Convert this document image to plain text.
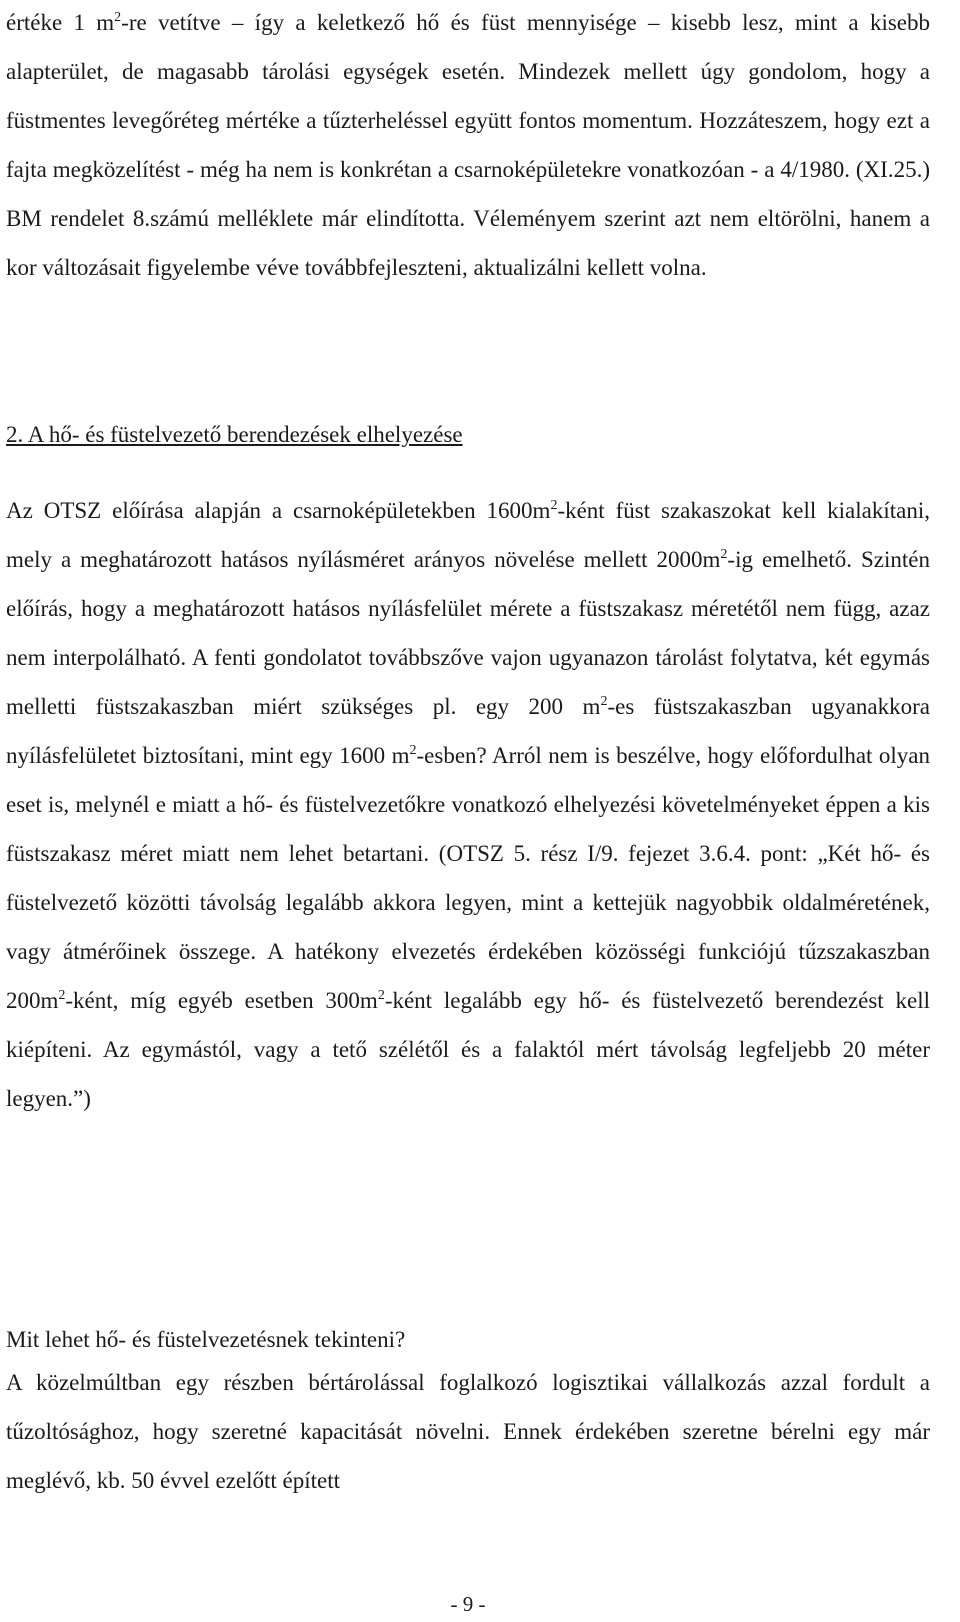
értéke 1 $m^2-re$ vetítve – így a keletkező hő és füst mennyisége – kisebb lesz, mint a kisebb alapterület, de magasabb tárolási egységek esetén. Mindezek mellett úgy gondolom, hogy a füstmentes levegőréteg mértéke a tűzterheléssel együtt fontos momentum. Hozzáteszem, hogy ezt a fajta megközelítést - még ha nem is konkrétan a csarnoképületekre vonatkozóan - a 4/1980. (XI.25.) BM rendelet 8.számú melléklete már elindította. Véleményem szerint azt nem eltörölni, hanem a kor változásait figyelembe véve továbbfejleszteni, aktualizálni kellett volna.

2. A hő- és füstelvezető berendezések elhelyezése

Az OTSZ előírása alapján a csarnoképületekben $1600m^2$-ként füst szakaszokat kell kialakítani, mely a meghatározott hatásos nyílásméret arányos növelése mellett $2000m^2-ig$ emelhető. Szintén előírás, hogy a meghatározott hatásos nyílásfelület mérete a füstszakasz méretétől nem függ, azaz nem interpolálható. A fenti gondolatot továbbszőve vajon ugyanazon tárolást folytatva, két egymás melletti füstszakaszban miért szükséges pl. egy 200 $m^2-es$ füstszakaszban ugyanakkora nyílásfelületet biztosítani, mint egy 1600 $m^2$-esben? Arról nem is beszélve, hogy előfordulhat olyan eset is, melynél e miatt a hő- és füstelvezetőkre vonatkozó elhelyezési követelményeket éppen a kis füstszakasz méret miatt nem lehet betartani. (OTSZ 5. rész I/9. fejezet 3.6.4. pont: „Két hő- és füstelvezető közötti távolság legalább akkora legyen, mint a kettejük nagyobbik oldalméretének, vagy átmérőinek összege. A hatékony elvezetés érdekében közösségi funkciójú tűzszakaszban $200m^2$-ként, míg egyéb esetben $300m^2$-ként legalább egy hő- és füstelvezető berendezést kell kiépíteni. Az egymástól, vagy a tető szélétől és a falaktól mért távolság legfeljebb 20 méter legyen.”)

Mit lehet hő- és füstelvezetésnek tekinteni?

A közelmúltban egy részben bértárolással foglalkozó logisztikai vállalkozás azzal fordult a tűzoltósághoz, hogy szeretné kapacitását növelni. Ennek érdekében szeretne bérelni egy már meglévő, kb. 50 évvel ezelőtt épített

- 9 -
